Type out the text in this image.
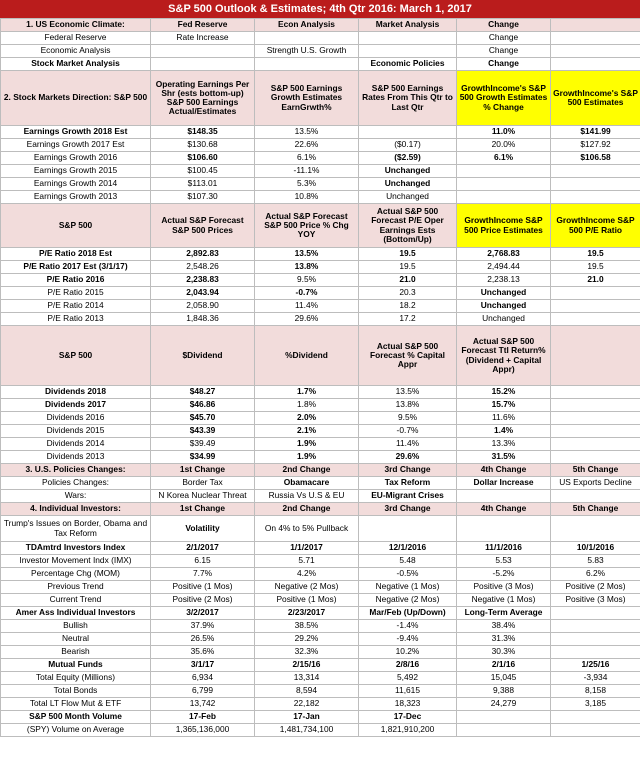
S&P 500 Outlook & Estimates; 4th Qtr 2016: March 1, 2017
1. US Economic Climate:	Fed Reserve	Econ Analysis	Market Analysis	Change	
Federal Reserve	Rate Increase			Change	
Economic Analysis		Strength U.S. Growth		Change	
Stock Market Analysis			Economic Policies	Change	
2. Stock Markets Direction: S&P 500	Operating Earnings Per Shr (ests bottom-up) S&P 500 Earnings Actual/Estimates	S&P 500 Earnings Growth Estimates EarnGrwth%	S&P 500 Earnings Rates From This Qtr to Last Qtr	GrowthIncome's S&P 500 Growth Estimates % Change	GrowthIncome's S&P 500 Estimates
Earnings Growth 2018 Est	$148.35	13.5%		11.0%	$141.99
Earnings Growth 2017 Est	$130.68	22.6%	($0.17)	20.0%	$127.92
Earnings Growth 2016	$106.60	6.1%	($2.59)	6.1%	$106.58
Earnings Growth 2015	$100.45	-11.1%	Unchanged		
Earnings Growth 2014	$113.01	5.3%	Unchanged		
Earnings Growth 2013	$107.30	10.8%	Unchanged		
S&P 500	Actual S&P Forecast S&P 500 Prices	Actual S&P Forecast S&P 500 Price % Chg YOY	Actual S&P 500 Forecast P/E Oper Earnings Ests (Bottom/Up)	GrowthIncome S&P 500 Price Estimates	GrowthIncome S&P 500 P/E Ratio
P/E Ratio 2018 Est	2,892.83	13.5%	19.5	2,768.83	19.5
P/E Ratio 2017 Est (3/1/17)	2,548.26	13.8%	19.5	2,494.44	19.5
P/E Ratio 2016	2,238.83	9.5%	21.0	2,238.13	21.0
P/E Ratio 2015	2,043.94	-0.7%	20.3	Unchanged	
P/E Ratio 2014	2,058.90	11.4%	18.2	Unchanged	
P/E Ratio 2013	1,848.36	29.6%	17.2	Unchanged	
S&P 500	$Dividend	%Dividend	Actual S&P 500 Forecast % Capital Appr	Actual S&P 500 Forecast Ttl Return% (Dividend + Capital Appr)	
Dividends 2018	$48.27	1.7%	13.5%	15.2%	
Dividends 2017	$46.86	1.8%	13.8%	15.7%	
Dividends 2016	$45.70	2.0%	9.5%	11.6%	
Dividends 2015	$43.39	2.1%	-0.7%	1.4%	
Dividends 2014	$39.49	1.9%	11.4%	13.3%	
Dividends 2013	$34.99	1.9%	29.6%	31.5%	
3. U.S. Policies Changes:	1st Change	2nd Change	3rd Change	4th Change	5th Change
Policies Changes:	Border Tax	Obamacare	Tax Reform	Dollar Increase	US Exports Decline
Wars:	N Korea Nuclear Threat	Russia Vs U.S & EU	EU-Migrant Crises		
4. Individual Investors:	1st Change	2nd Change	3rd Change	4th Change	5th Change
Trump's Issues on Border, Obama and Tax Reform	Volatility	On 4% to 5% Pullback			
TDAmtrd Investors Index	2/1/2017	1/1/2017	12/1/2016	11/1/2016	10/1/2016
Investor Movement Indx (IMX)	6.15	5.71	5.48	5.53	5.83
Percentage Chg (MOM)	7.7%	4.2%	-0.5%	-5.2%	6.2%
Previous Trend	Positive (1 Mos)	Negative (2 Mos)	Negative (1 Mos)	Positive (3 Mos)	Positive (2 Mos)
Current Trend	Positive (2 Mos)	Positive (1 Mos)	Negative (2 Mos)	Negative (1 Mos)	Positive (3 Mos)
Amer Ass Individual Investors	3/2/2017	2/23/2017	Mar/Feb (Up/Down)	Long-Term Average	
Bullish	37.9%	38.5%	-1.4%	38.4%	
Neutral	26.5%	29.2%	-9.4%	31.3%	
Bearish	35.6%	32.3%	10.2%	30.3%	
Mutual Funds	3/1/17	2/15/16	2/8/16	2/1/16	1/25/16
Total Equity (Millions)	6,934	13,314	5,492	15,045	-3,934
Total Bonds	6,799	8,594	11,615	9,388	8,158
Total LT Flow Mut & ETF	13,742	22,182	18,323	24,279	3,185
S&P 500 Month Volume	17-Feb	17-Jan	17-Dec		
(SPY) Volume on Average	1,365,136,000	1,481,734,100	1,821,910,200		
